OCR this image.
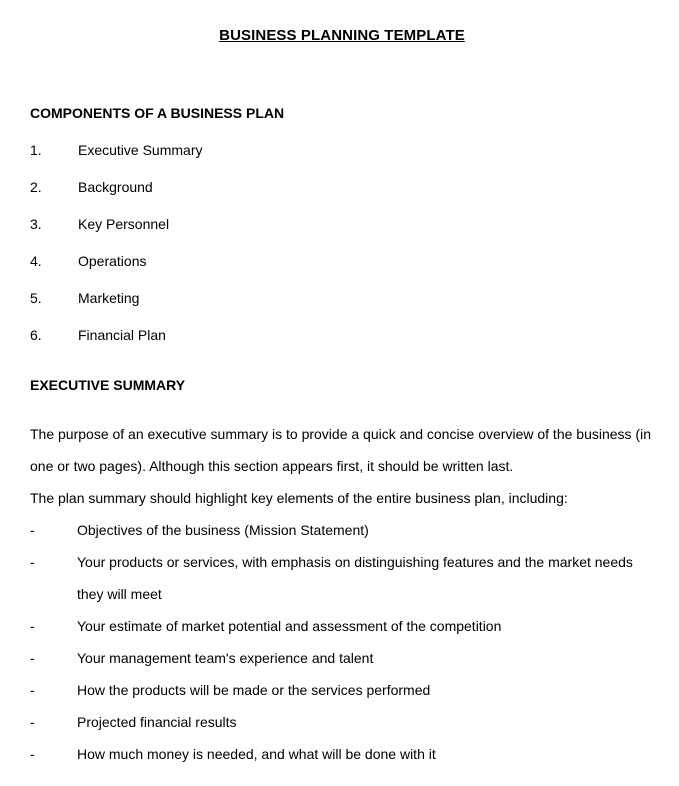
BUSINESS PLANNING TEMPLATE
COMPONENTS OF A BUSINESS PLAN
1.	Executive Summary
2.	Background
3.	Key Personnel
4.	Operations
5.	Marketing
6.	Financial Plan
EXECUTIVE SUMMARY
The purpose of an executive summary is to provide a quick and concise overview of the business (in
one or two pages). Although this section appears first, it should be written last.
The plan summary should highlight key elements of the entire business plan, including:
-	Objectives of the business (Mission Statement)
-	Your products or services, with emphasis on distinguishing features and the market needs they will meet
-	Your estimate of market potential and assessment of the competition
-	Your management team's experience and talent
-	How the products will be made or the services performed
-	Projected financial results
-	How much money is needed, and what will be done with it
